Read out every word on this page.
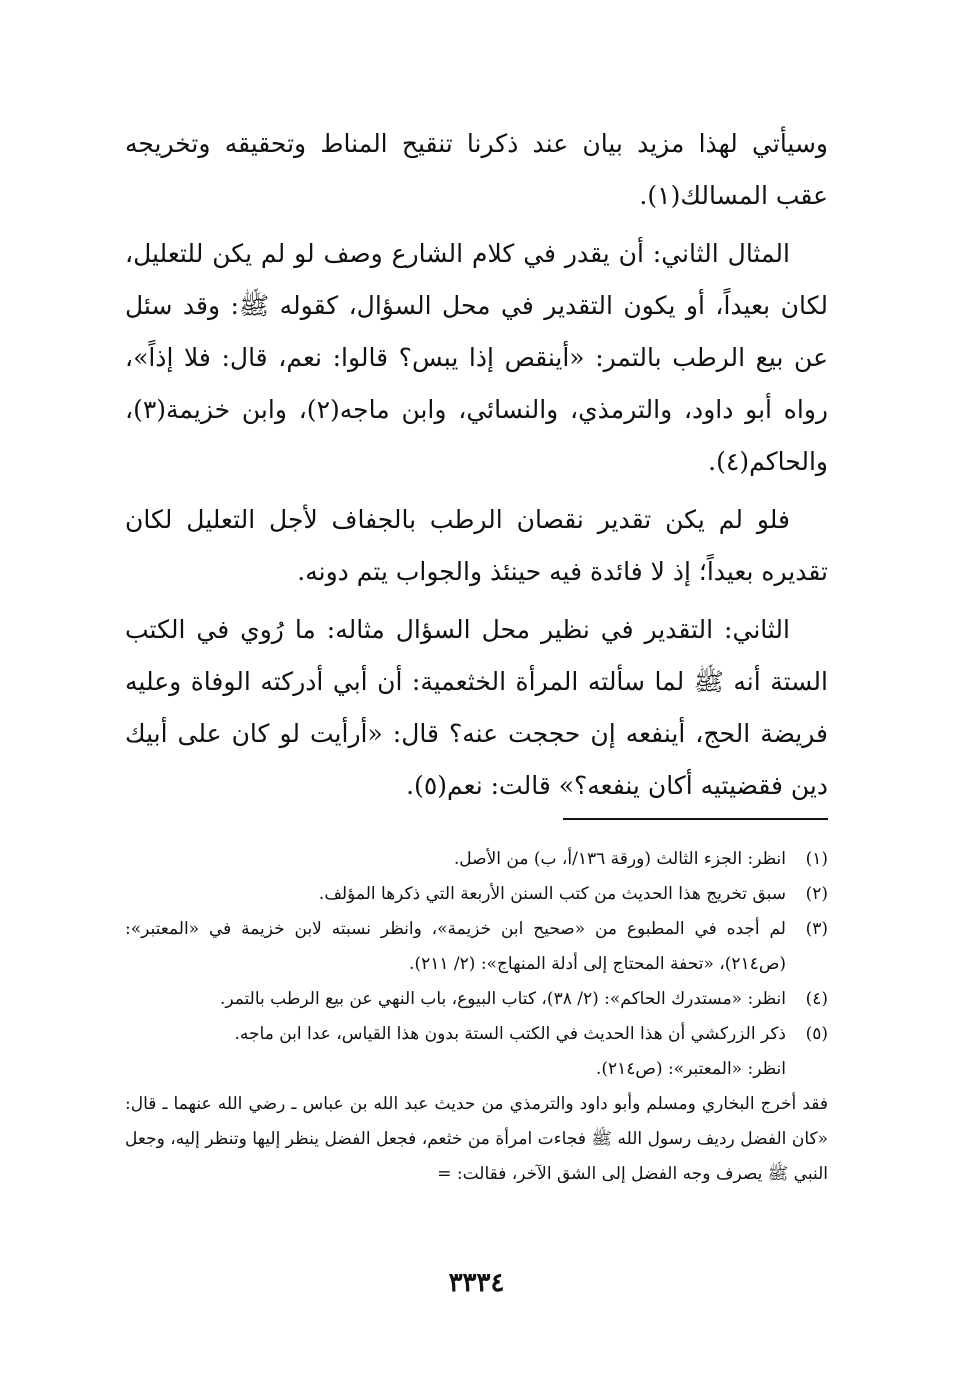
وسيأتي لهذا مزيد بيان عند ذكرنا تنقيح المناط وتحقيقه وتخريجه عقب المسالك(١).

المثال الثاني: أن يقدر في كلام الشارع وصف لو لم يكن للتعليل، لكان بعيداً، أو يكون التقدير في محل السؤال، كقوله ﷺ: وقد سئل عن بيع الرطب بالتمر: «أينقص إذا يبس؟ قالوا: نعم، قال: فلا إذاً»، رواه أبو داود، والترمذي، والنسائي، وابن ماجه(٢)، وابن خزيمة(٣)، والحاكم(٤).

فلو لم يكن تقدير نقصان الرطب بالجفاف لأجل التعليل لكان تقديره بعيداً؛ إذ لا فائدة فيه حينئذ والجواب يتم دونه.

الثاني: التقدير في نظير محل السؤال مثاله: ما رُوي في الكتب الستة أنه ﷺ لما سألته المرأة الخثعمية: أن أبي أدركته الوفاة وعليه فريضة الحج، أينفعه إن حججت عنه؟ قال: «أرأيت لو كان على أبيك دين فقضيتيه أكان ينفعه؟» قالت: نعم(٥).

(١)
انظر: الجزء الثالث (ورقة ١٣٦/أ، ب) من الأصل.
(٢)
سبق تخريج هذا الحديث من كتب السنن الأربعة التي ذكرها المؤلف.
(٣)
لم أجده في المطبوع من «صحيح ابن خزيمة»، وانظر نسبته لابن خزيمة في «المعتبر»: (ص٢١٤)، «تحفة المحتاج إلى أدلة المنهاج»: (٢/ ٢١١).
(٤)
انظر: «مستدرك الحاكم»: (٢/ ٣٨)، كتاب البيوع، باب النهي عن بيع الرطب بالتمر.
(٥)
ذكر الزركشي أن هذا الحديث في الكتب الستة بدون هذا القياس، عدا ابن ماجه.
انظر: «المعتبر»: (ص٢١٤).
فقد أخرج البخاري ومسلم وأبو داود والترمذي من حديث عبد الله بن عباس ـ رضي الله عنهما ـ قال: «كان الفضل رديف رسول الله ﷺ فجاءت امرأة من خثعم، فجعل الفضل ينظر إليها وتنظر إليه، وجعل النبي ﷺ يصرف وجه الفضل إلى الشق الآخر، فقالت: =
٣٣٣٤
